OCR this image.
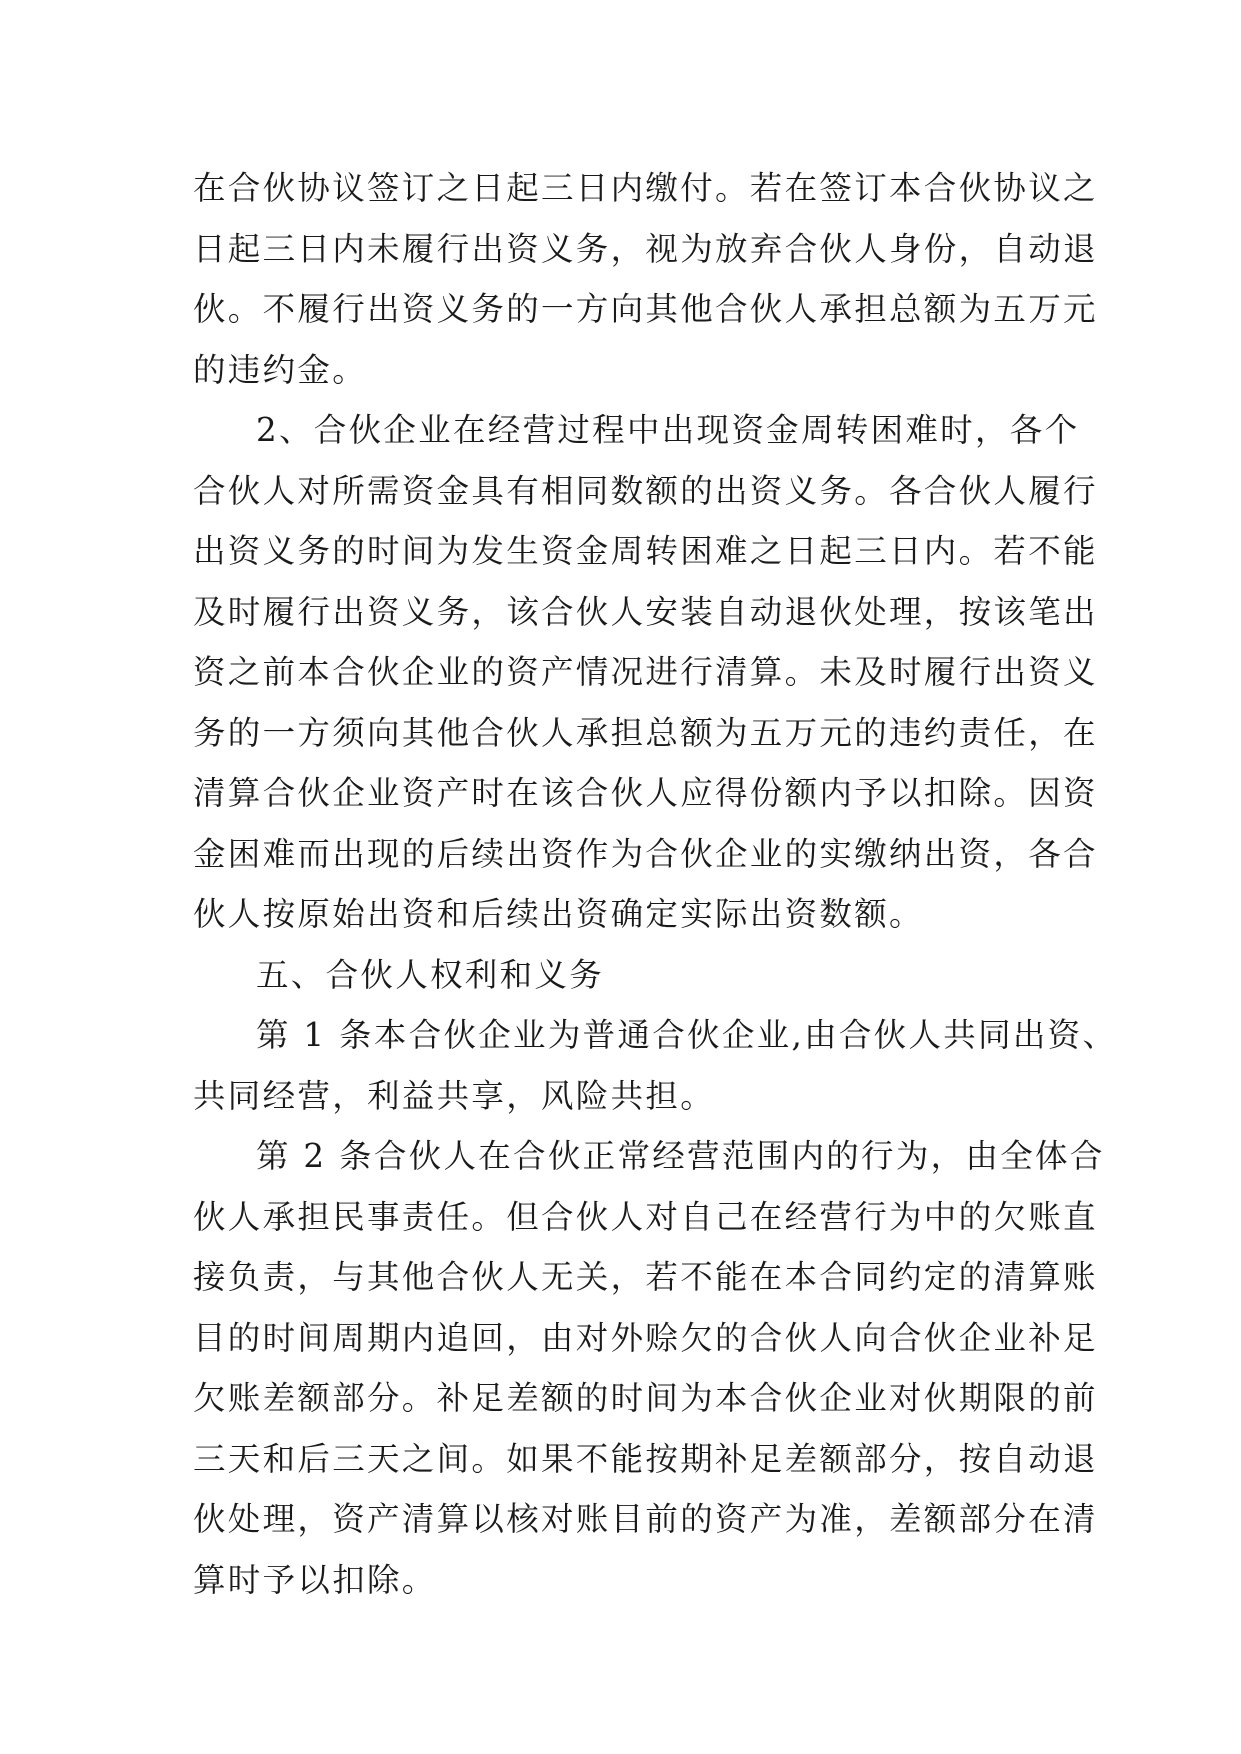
在合伙协议签订之日起三日内缴付。若在签订本合伙协议之
日起三日内未履行出资义务，视为放弃合伙人身份，自动退
伙。不履行出资义务的一方向其他合伙人承担总额为五万元
的违约金。
2、合伙企业在经营过程中出现资金周转困难时，各个
合伙人对所需资金具有相同数额的出资义务。各合伙人履行
出资义务的时间为发生资金周转困难之日起三日内。若不能
及时履行出资义务，该合伙人安装自动退伙处理，按该笔出
资之前本合伙企业的资产情况进行清算。未及时履行出资义
务的一方须向其他合伙人承担总额为五万元的违约责任，在
清算合伙企业资产时在该合伙人应得份额内予以扣除。因资
金困难而出现的后续出资作为合伙企业的实缴纳出资，各合
伙人按原始出资和后续出资确定实际出资数额。
五、合伙人权利和义务
第 1 条本合伙企业为普通合伙企业,由合伙人共同出资、
共同经营，利益共享，风险共担。
第 2 条合伙人在合伙正常经营范围内的行为，由全体合
伙人承担民事责任。但合伙人对自己在经营行为中的欠账直
接负责，与其他合伙人无关，若不能在本合同约定的清算账
目的时间周期内追回，由对外赊欠的合伙人向合伙企业补足
欠账差额部分。补足差额的时间为本合伙企业对伙期限的前
三天和后三天之间。如果不能按期补足差额部分，按自动退
伙处理，资产清算以核对账目前的资产为准，差额部分在清
算时予以扣除。
